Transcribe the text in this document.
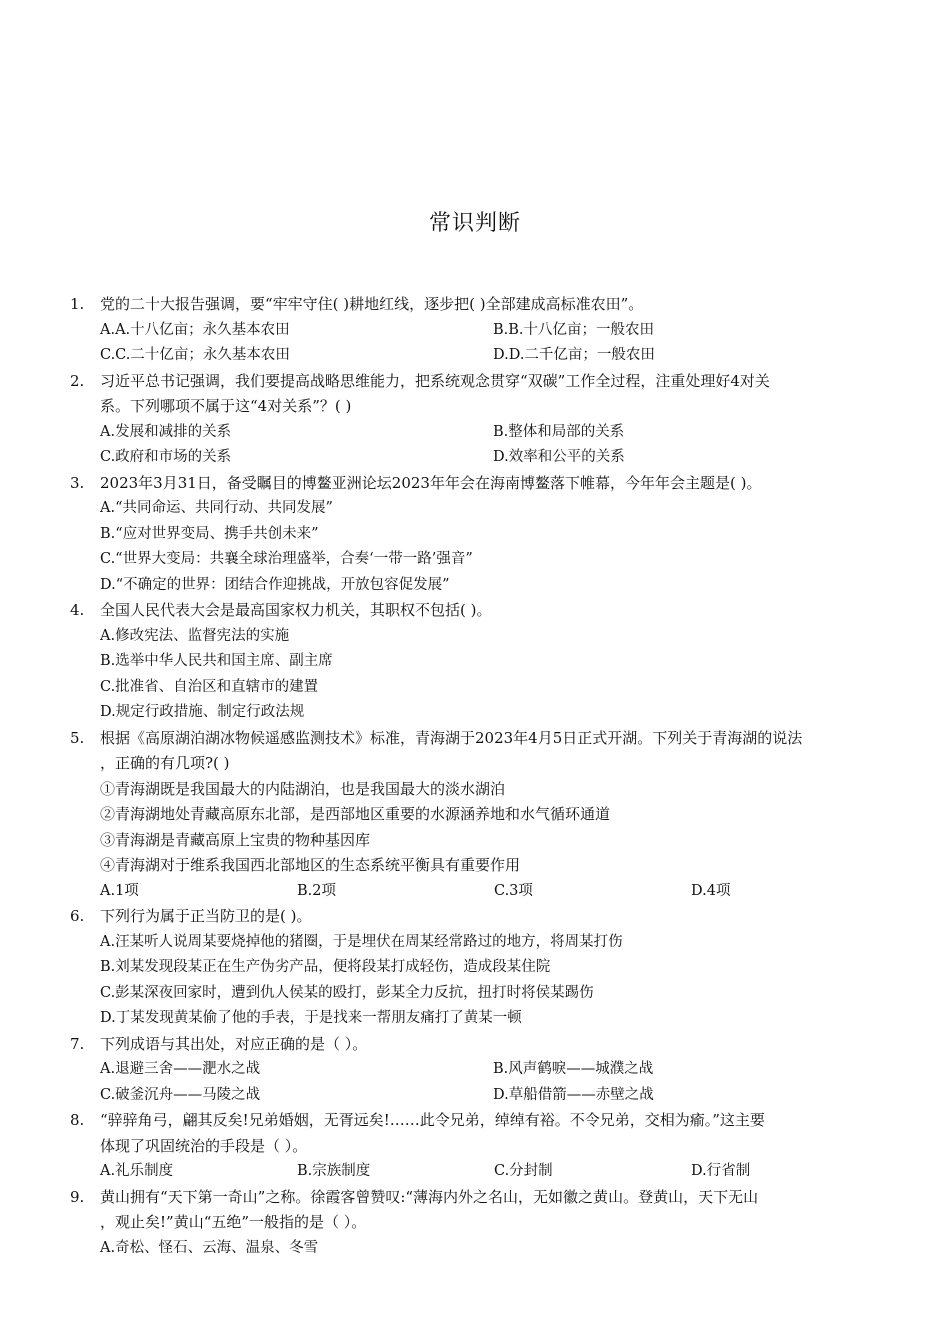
常识判断
1.	党的二十大报告强调，要“牢牢守住( )耕地红线，逐步把( )全部建成高标准农田”。
A.A.十八亿亩；永久基本农田	B.B.十八亿亩；一般农田
C.C.二十亿亩；永久基本农田	D.D.二千亿亩；一般农田
2.	习近平总书记强调，我们要提高战略思维能力，把系统观念贯穿“双碳”工作全过程，注重处理好4对关
系。下列哪项不属于这“4对关系”？( )
A.发展和减排的关系	B.整体和局部的关系
C.政府和市场的关系	D.效率和公平的关系
3.	2023年3月31日，备受瞩目的博鳌亚洲论坛2023年年会在海南博鳌落下帷幕，今年年会主题是( )。
A.“共同命运、共同行动、共同发展”
B.“应对世界变局、携手共创未来”
C.“世界大变局：共襄全球治理盛举，合奏‘一带一路’强音”
D.“不确定的世界：团结合作迎挑战，开放包容促发展”
4.	全国人民代表大会是最高国家权力机关，其职权不包括( )。
A.修改宪法、监督宪法的实施
B.选举中华人民共和国主席、副主席
C.批准省、自治区和直辖市的建置
D.规定行政措施、制定行政法规
5.	根据《高原湖泊湖冰物候遥感监测技术》标准，青海湖于2023年4月5日正式开湖。下列关于青海湖的说法
，正确的有几项?( )
①青海湖既是我国最大的内陆湖泊，也是我国最大的淡水湖泊
②青海湖地处青藏高原东北部，是西部地区重要的水源涵养地和水气循环通道
③青海湖是青藏高原上宝贵的物种基因库
④青海湖对于维系我国西北部地区的生态系统平衡具有重要作用
A.1项	B.2项	C.3项	D.4项
6.	下列行为属于正当防卫的是( )。
A.汪某听人说周某要烧掉他的猪圈，于是埋伏在周某经常路过的地方，将周某打伤
B.刘某发现段某正在生产伪劣产品，便将段某打成轻伤，造成段某住院
C.彭某深夜回家时，遭到仇人侯某的殴打，彭某全力反抗，扭打时将侯某踢伤
D.丁某发现黄某偷了他的手表，于是找来一帮朋友痛打了黄某一顿
7.	下列成语与其出处，对应正确的是（ ）。
A.退避三舍——淝水之战	B.风声鹤唳——城濮之战
C.破釜沉舟——马陵之战	D.草船借箭——赤壁之战
8.	“骍骍角弓，翩其反矣!兄弟婚姻，无胥远矣!……此令兄弟，绰绰有裕。不令兄弟，交相为瘉。”这主要
体现了巩固统治的手段是（ ）。
A.礼乐制度	B.宗族制度	C.分封制	D.行省制
9.	黄山拥有“天下第一奇山”之称。徐霞客曾赞叹:“薄海内外之名山，无如徽之黄山。登黄山，天下无山
，观止矣!”黄山“五绝”一般指的是（ ）。
A.奇松、怪石、云海、温泉、冬雪
